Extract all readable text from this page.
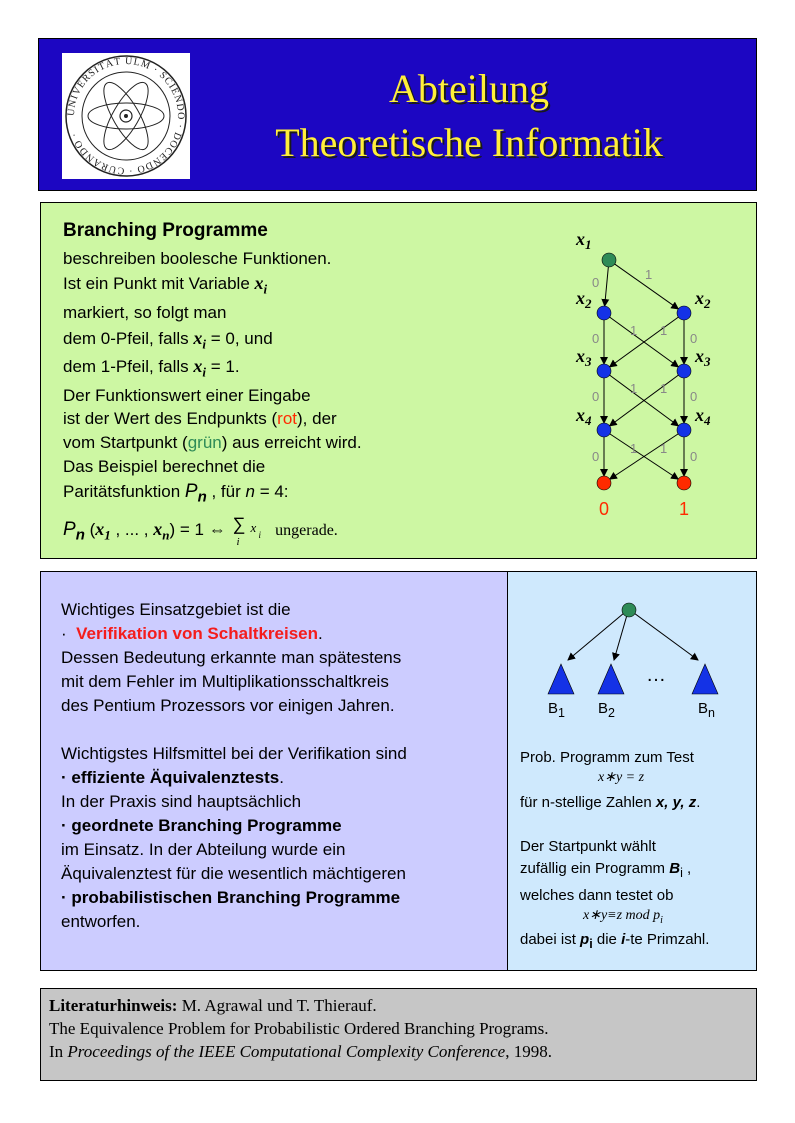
UNIVERSITÄT ULM · SCIENDO · DOCENDO · CURANDO ·
Abteilung
Theoretische Informatik
Branching Programme
beschreiben boolesche Funktionen.
Ist ein Punkt mit Variable $x_i$
markiert, so folgt man
dem 0-Pfeil, falls $x_i = 0$, und
dem 1-Pfeil, falls $x_i = 1$.
Der Funktionswert einer Eingabe
ist der Wert des Endpunkts (rot), der
vom Startpunkt (grün) aus erreicht wird.
Das Beispiel berechnet die
Paritätsfunktion $P_n$ , für n = 4:
$P_n$ ($x_1$ , ... , $x_n) = 1$ ⇔ ∑
i
x i ungerade.
0
1
0	0
1 1
0	0
1 1
0	0
1 1
$x_1$
$x_2$	$x_2$
$x_3$	$x_3$
$x_4$	$x_4$
0	1
Wichtiges Einsatzgebiet ist die
· Verifikation von Schaltkreisen.
Dessen Bedeutung erkannte man spätestens
mit dem Fehler im Multiplikationsschaltkreis
des Pentium Prozessors vor einigen Jahren.
Wichtigstes Hilfsmittel bei der Verifikation sind
· effiziente Äquivalenztests.
In der Praxis sind hauptsächlich
· geordnete Branching Programme
im Einsatz. In der Abteilung wurde ein
Äquivalenztest für die wesentlich mächtigeren
· probabilistischen Branching Programme
entworfen.
…
$B_1$ $B_2$	$B_n$
Prob. Programm zum Test
x∗y = z
für n-stellige Zahlen x, y, z.
Der Startpunkt wählt
zufällig ein Programm $B_i$ ,
welches dann testet ob
x∗y≡z mod $p_i$
dabei ist $p_i$ die i-te Primzahl.
Literaturhinweis: M. Agrawal und T. Thierauf.
The Equivalence Problem for Probabilistic Ordered Branching Programs.
In Proceedings of the IEEE Computational Complexity Conference, 1998.
